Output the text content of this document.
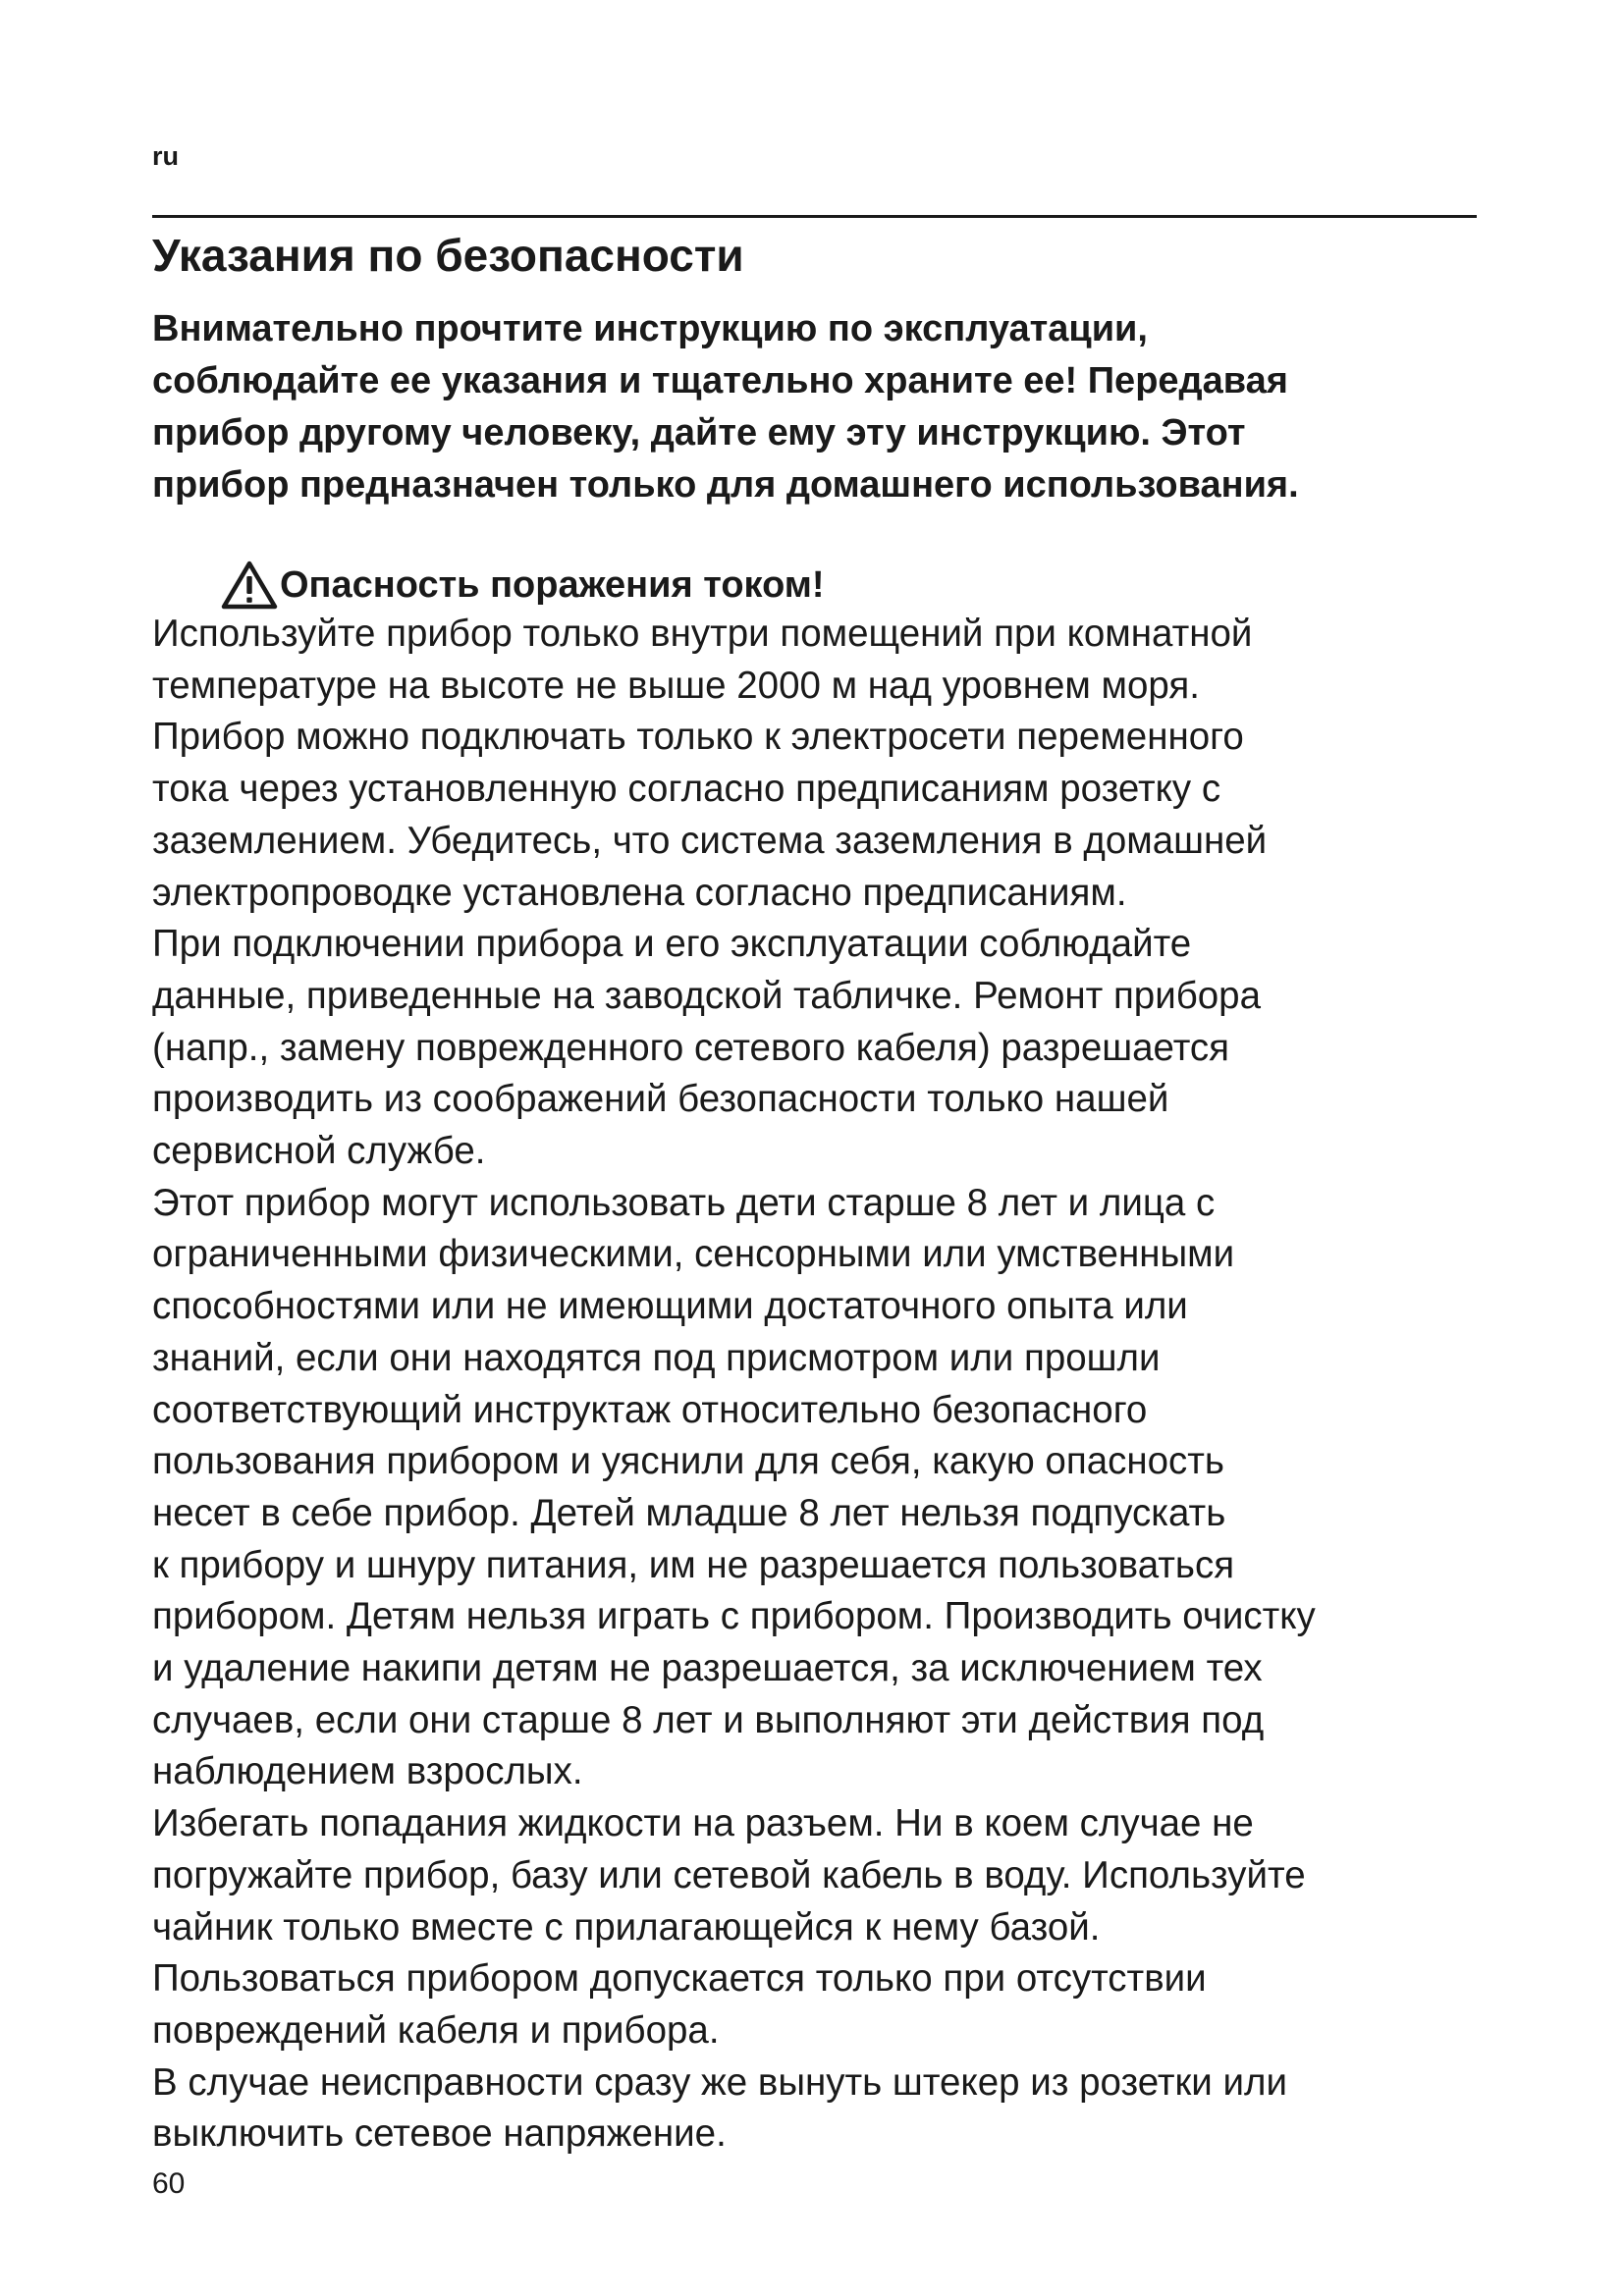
ru
Указания по безопасности

Внимательно прочтите инструкцию по эксплуатации,
соблюдайте ее указания и тщательно храните ее! Передавая
прибор другому человеку, дайте ему эту инструкцию. Этот
прибор предназначен только для домашнего использования.

Опасность поражения током!

Используйте прибор только внутри помещений при комнатной
температуре на высоте не выше 2000 м над уровнем моря.
Прибор можно подключать только к электросети переменного
тока через установленную согласно предписаниям розетку с
заземлением. Убедитесь, что система заземления в домашней
электропроводке установлена согласно предписаниям.
При подключении прибора и его эксплуатации соблюдайте
данные, приведенные на заводской табличке. Ремонт прибора
(напр., замену поврежденного сетевого кабеля) разрешается
производить из соображений безопасности только нашей
сервисной службе.
Этот прибор могут использовать дети старше 8 лет и лица с
ограниченными физическими, сенсорными или умственными
способностями или не имеющими достаточного опыта или
знаний, если они находятся под присмотром или прошли
соответствующий инструктаж относительно безопасного
пользования прибором и уяснили для себя, какую опасность
несет в себе прибор. Детей младше 8 лет нельзя подпускать
к прибору и шнуру питания, им не разрешается пользоваться
прибором. Детям нельзя играть с прибором. Производить очистку
и удаление накипи детям не разрешается, за исключением тех
случаев, если они старше 8 лет и выполняют эти действия под
наблюдением взрослых.
Избегать попадания жидкости на разъем. Ни в коем случае не
погружайте прибор, базу или сетевой кабель в воду. Используйте
чайник только вместе с прилагающейся к нему базой.
Пользоваться прибором допускается только при отсутствии
повреждений кабеля и прибора.
В случае неисправности сразу же вынуть штекер из розетки или
выключить сетевое напряжение.

60
